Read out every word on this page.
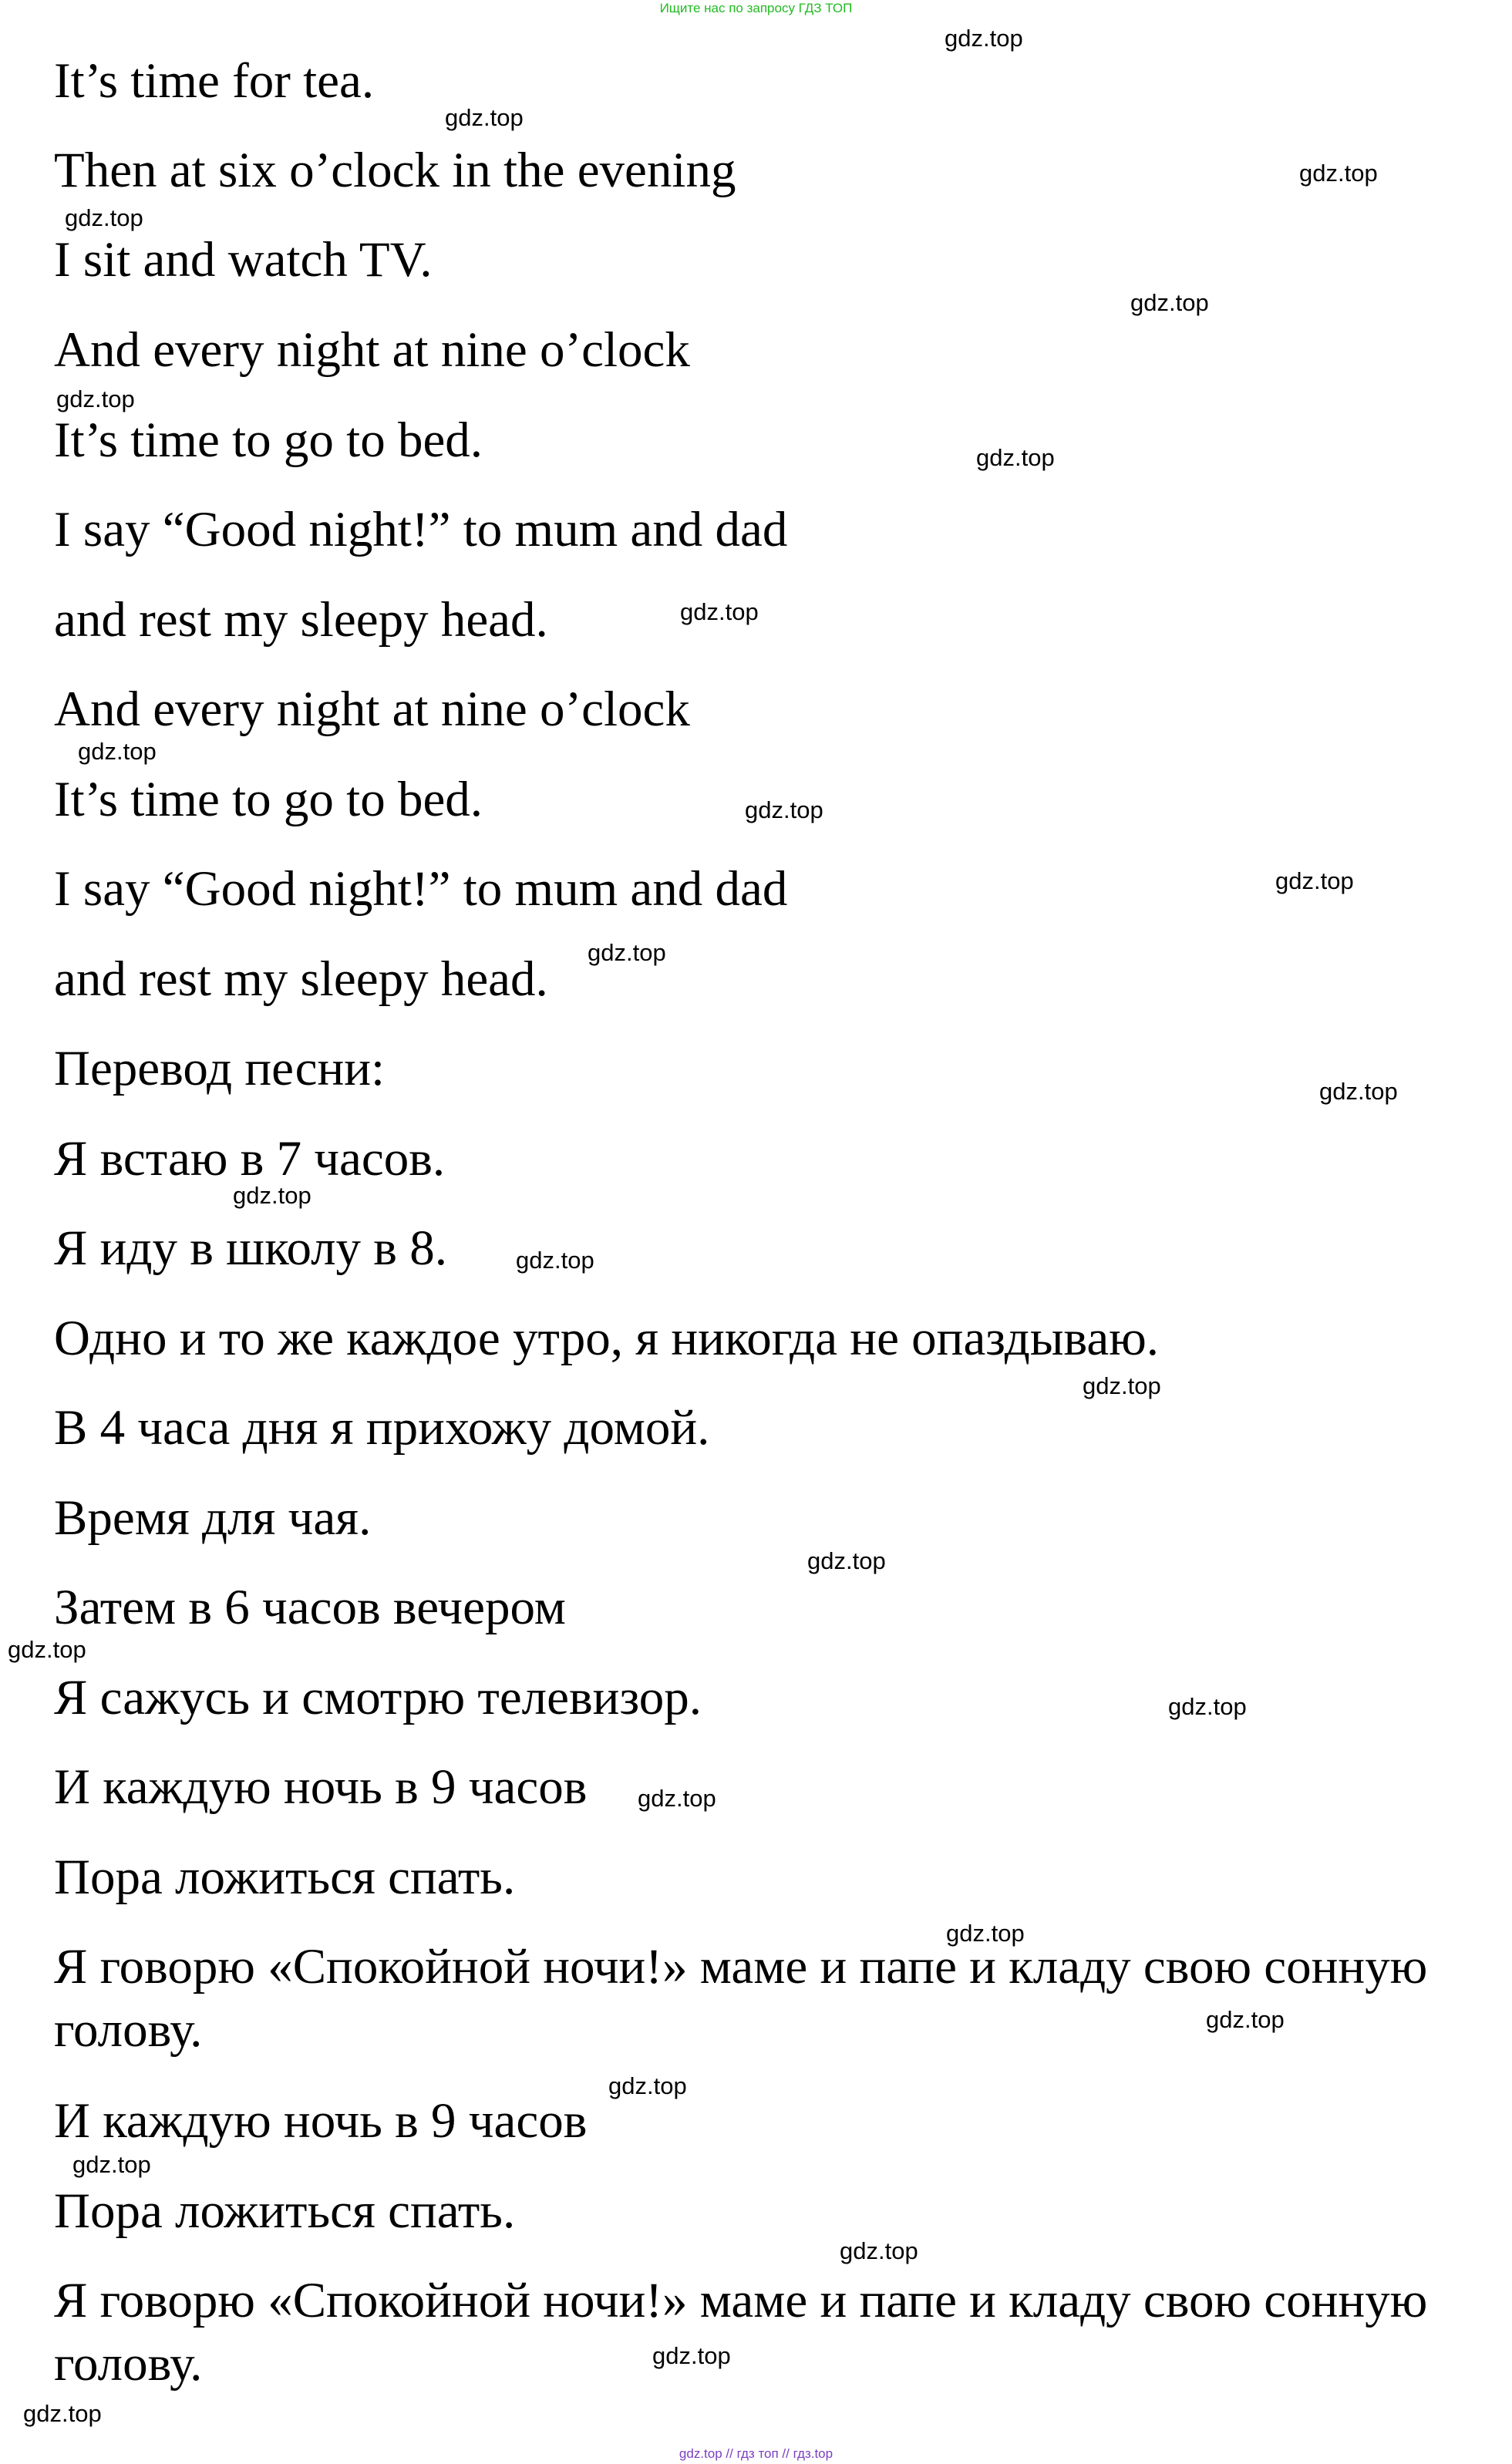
Ищите нас по запросу ГДЗ ТОП
It’s time for tea.
Then at six o’clock in the evening
I sit and watch TV.
And every night at nine o’clock
It’s time to go to bed.
I say “Good night!” to mum and dad
and rest my sleepy head.
And every night at nine o’clock
It’s time to go to bed.
I say “Good night!” to mum and dad
and rest my sleepy head.
Перевод песни:
Я встаю в 7 часов.
Я иду в школу в 8.
Одно и то же каждое утро, я никогда не опаздываю.
В 4 часа дня я прихожу домой.
Время для чая.
Затем в 6 часов вечером
Я сажусь и смотрю телевизор.
И каждую ночь в 9 часов
Пора ложиться спать.
Я говорю «Спокойной ночи!» маме и папе и кладу свою сонную голову.
И каждую ночь в 9 часов
Пора ложиться спать.
Я говорю «Спокойной ночи!» маме и папе и кладу свою сонную голову.
gdz.top
gdz.top
gdz.top
gdz.top
gdz.top
gdz.top
gdz.top
gdz.top
gdz.top
gdz.top
gdz.top
gdz.top
gdz.top
gdz.top
gdz.top
gdz.top
gdz.top
gdz.top
gdz.top
gdz.top
gdz.top
gdz.top
gdz.top
gdz.top
gdz.top
gdz.top
gdz.top
gdz.top // гдз топ // гдз.top
